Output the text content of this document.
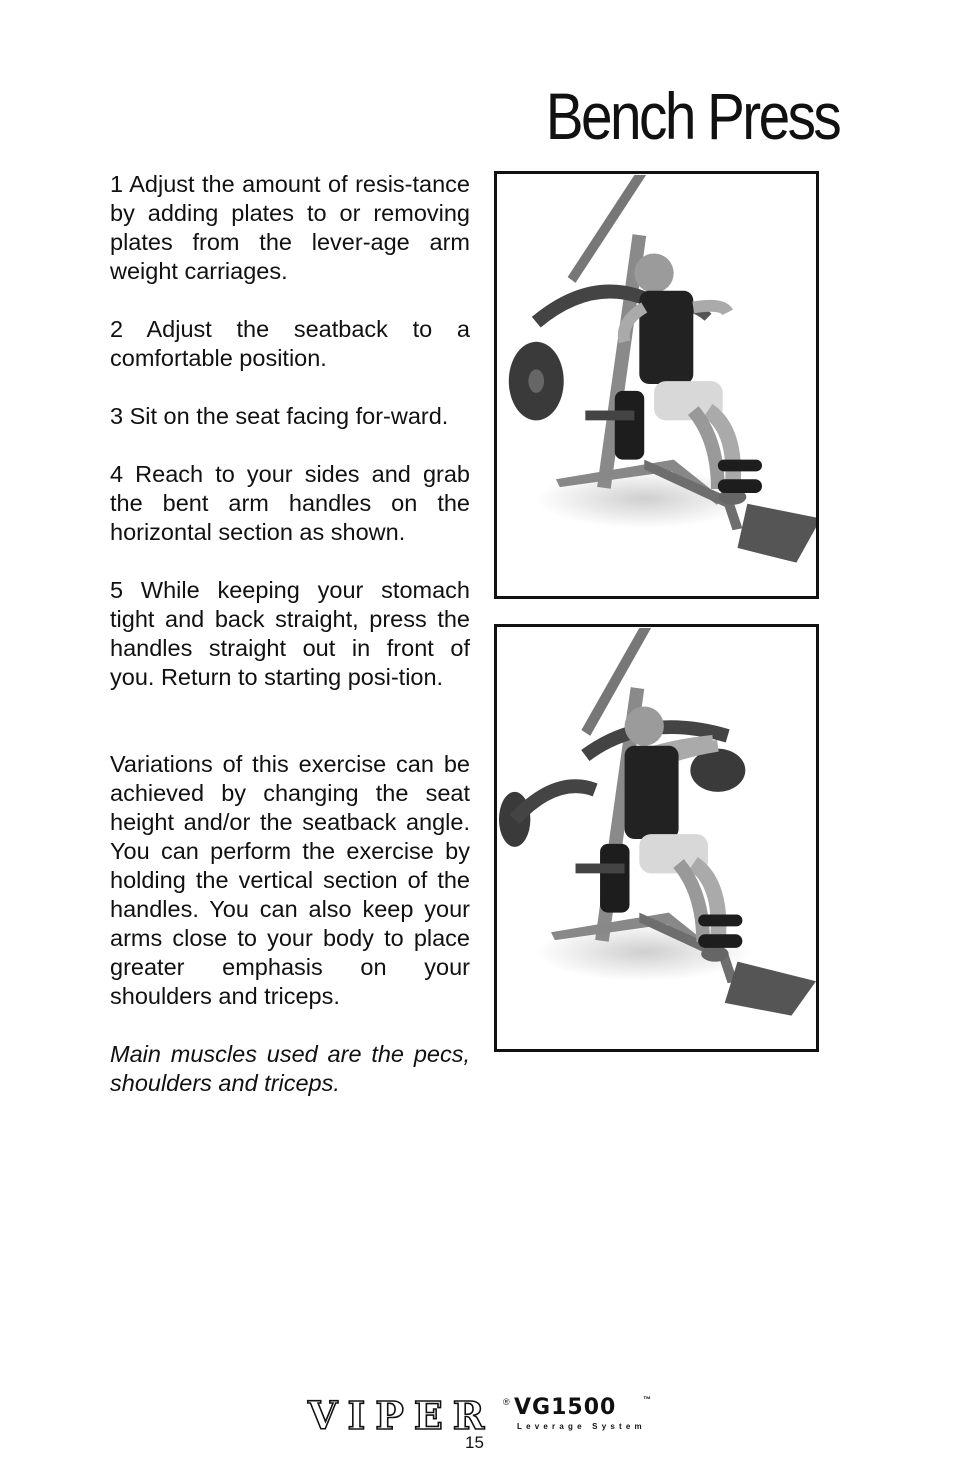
Bench Press

1 Adjust the amount of resis-tance by adding plates to or removing plates from the lever-age arm weight carriages.

2 Adjust the seatback to a comfortable position.

3 Sit on the seat facing for-ward.

4 Reach to your sides and grab the bent arm handles on the horizontal section as shown.

5 While keeping your stomach tight and back straight, press the handles straight out in front of you. Return to starting posi-tion.

Variations of this exercise can be achieved by changing the seat height and/or the seatback angle. You can perform the exercise by holding the vertical section of the handles. You can also keep your arms close to your body to place greater emphasis on your shoulders and triceps.

Main muscles used are the pecs, shoulders and triceps.

VIPER ® VG1500	™
Leverage System
15
